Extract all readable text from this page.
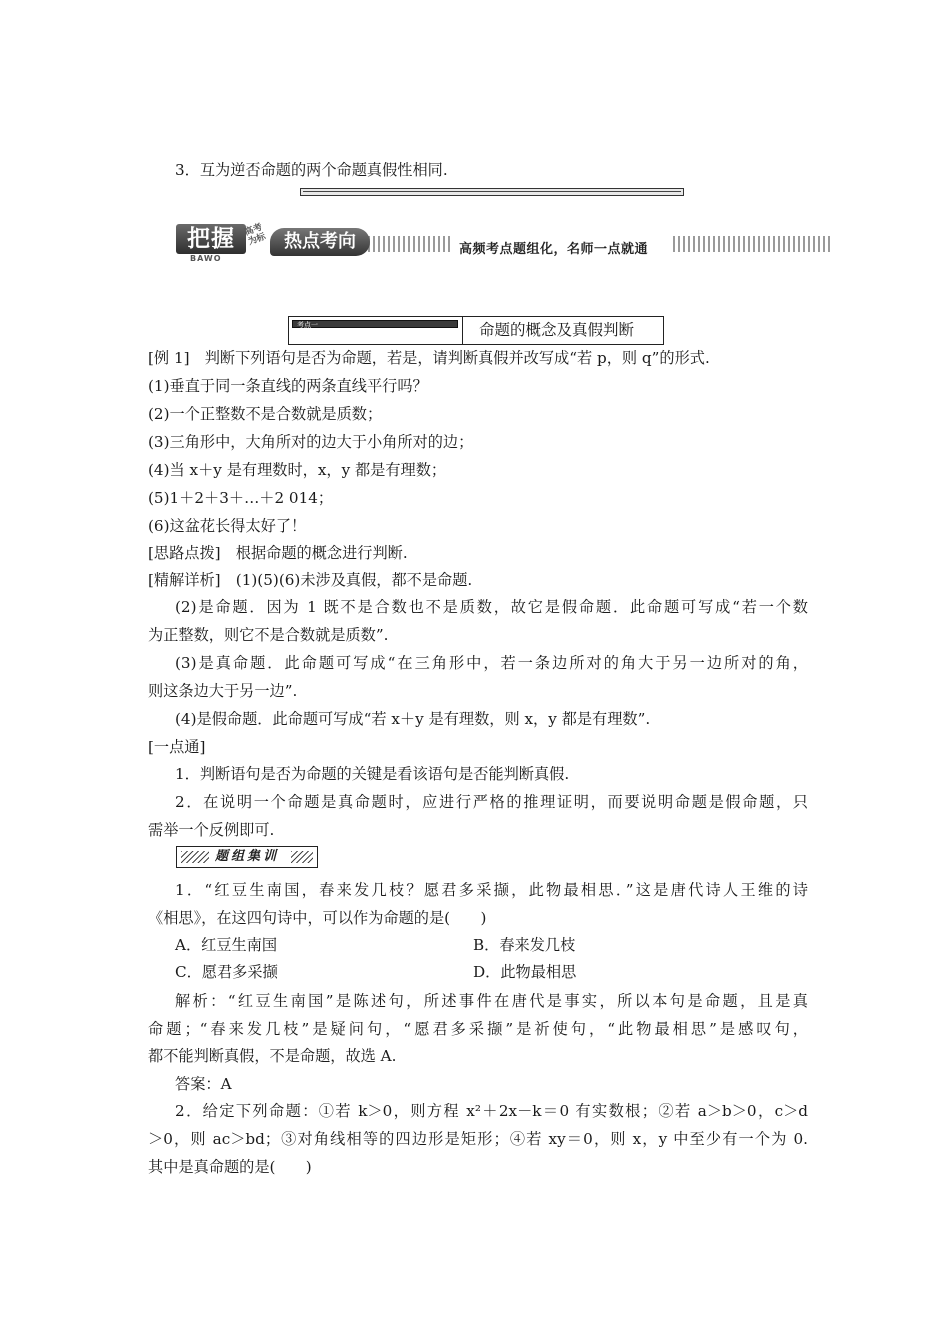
3．互为逆否命题的两个命题真假性相同.
把握 高考为标 热点考向
BAWO
高频考点题组化，名师一点就通
考点一	命题的概念及真假判断
[例 1]　判断下列语句是否为命题，若是，请判断真假并改写成“若 p，则 q”的形式.
(1)垂直于同一条直线的两条直线平行吗？
(2)一个正整数不是合数就是质数；
(3)三角形中，大角所对的边大于小角所对的边；
(4)当 x＋y 是有理数时，x，y 都是有理数；
(5)1＋2＋3＋…＋2 014；
(6)这盆花长得太好了！
[思路点拨]　根据命题的概念进行判断.
[精解详析]　(1)(5)(6)未涉及真假，都不是命题.
(2)是命题．因为 1 既不是合数也不是质数，故它是假命题．此命题可写成“若一个数
为正整数，则它不是合数就是质数”.
(3)是真命题．此命题可写成“在三角形中，若一条边所对的角大于另一边所对的角，
则这条边大于另一边”.
(4)是假命题．此命题可写成“若 x＋y 是有理数，则 x，y 都是有理数”.
[一点通]
1．判断语句是否为命题的关键是看该语句是否能判断真假.
2．在说明一个命题是真命题时，应进行严格的推理证明，而要说明命题是假命题，只
需举一个反例即可.
题组集训
1．“红豆生南国，春来发几枝？愿君多采撷，此物最相思．”这是唐代诗人王维的诗
《相思》，在这四句诗中，可以作为命题的是(　　)
A．红豆生南国	B．春来发几枝
C．愿君多采撷	D．此物最相思
解析：“红豆生南国”是陈述句，所述事件在唐代是事实，所以本句是命题，且是真
命题；“春来发几枝”是疑问句，“愿君多采撷”是祈使句，“此物最相思”是感叹句，
都不能判断真假，不是命题，故选 A.
答案：A
2．给定下列命题：①若 k＞0，则方程 x²＋2x－k＝0 有实数根；②若 a＞b＞0，c＞d
＞0，则 ac＞bd；③对角线相等的四边形是矩形；④若 xy＝0，则 x，y 中至少有一个为 0.
其中是真命题的是(　　)
